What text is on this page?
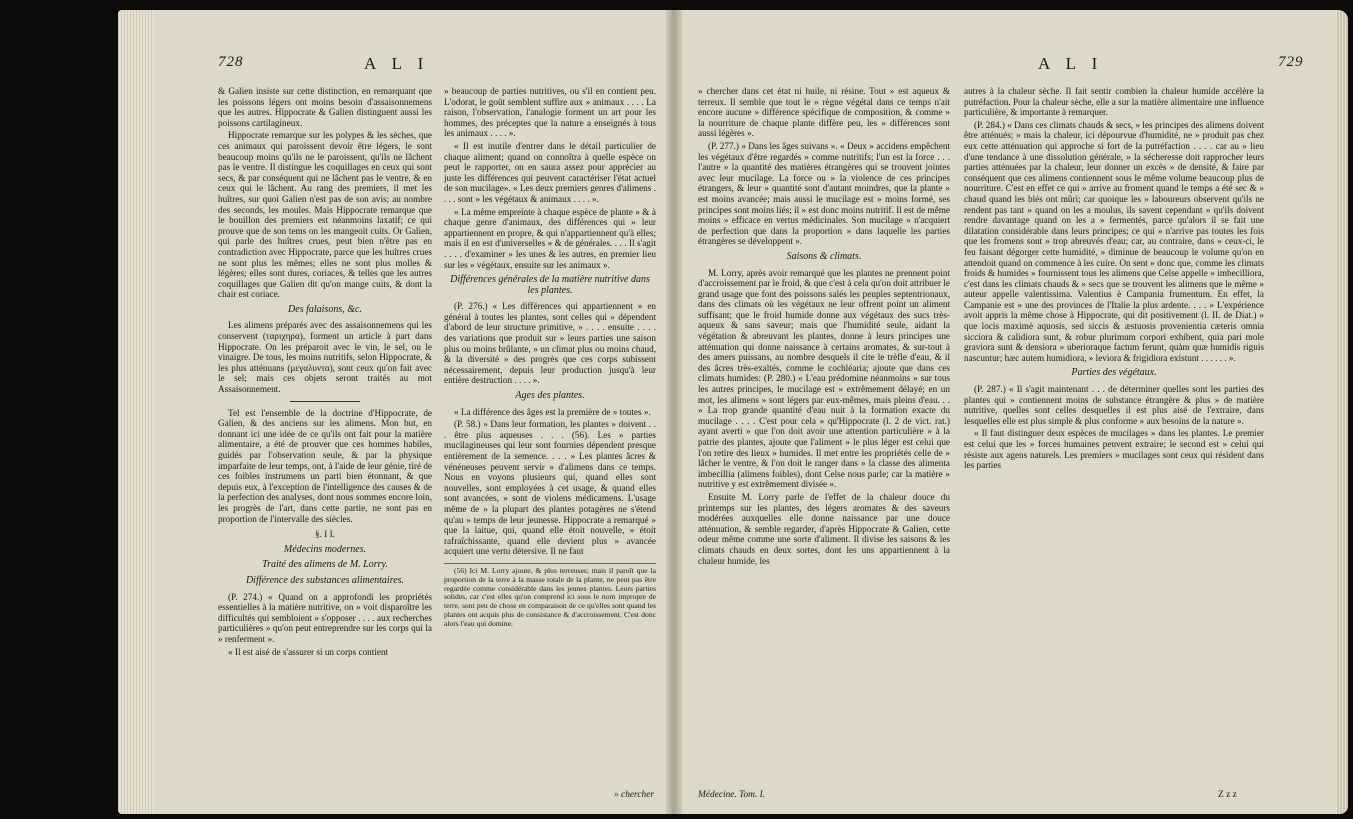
728	A L I

& Galien insiste sur cette distinction, en remarquant que les poissons légers ont moins besoin d'assaisonnemens que les autres. Hippocrate & Galien distinguent aussi les poissons cartilagineux.

Hippocrate remarque sur les polypes & les sèches, que ces animaux qui paroissent devoir être légers, le sont beaucoup moins qu'ils ne le paroissent, qu'ils ne lâchent pas le ventre. Il distingue les coquillages en ceux qui sont secs, & par conséquent qui ne lâchent pas le ventre, & en ceux qui le lâchent. Au rang des premiers, il met les huîtres, sur quoi Galien n'est pas de son avis; au nombre des seconds, les moules. Mais Hippocrate remarque que le bouillon des premiers est néanmoins laxatif; ce qui prouve que de son tems on les mangeoit cuits. Or Galien, qui parle des huîtres crues, peut bien n'être pas en contradiction avec Hippocrate, parce que les huîtres crues ne sont plus les mêmes; elles ne sont plus molles & légères; elles sont dures, coriaces, & telles que les autres coquillages que Galien dit qu'on mange cuits, & dont la chair est coriace.

Des falaisons, &c.

Les alimens préparés avec des assaisonnemens qui les conservent (ταριχηρα), forment un article à part dans Hippocrate. On les préparoit avec le vin, le sel, ou le vinaigre. De tous, les moins nutritifs, selon Hippocrate, & les plus atténuans (μεγαλυντα), sont ceux qu'on fait avec le sel; mais ces objets seront traités au mot Assaisonnement.

Tel est l'ensemble de la doctrine d'Hippocrate, de Galien, & des anciens sur les alimens. Mon but, en donnant ici une idée de ce qu'ils ont fait pour la matière alimentaire, a été de prouver que ces hommes habiles, guidés par l'observation seule, & par la physique imparfaite de leur temps, ont, à l'aide de leur génie, tiré de ces foibles instrumens un parti bien étonnant, & que depuis eux, à l'exception de l'intelligence des causes & de la perfection des analyses, dont nous sommes encore loin, les progrès de l'art, dans cette partie, ne sont pas en proportion de l'intervalle des siècles.

§. I I.

Médecins modernes.

Traité des alimens de M. Lorry.

Différence des substances alimentaires.

(P. 274.) « Quand on a approfondi les propriétés essentielles à la matière nutritive, on » voit disparoître les difficultés qui sembloient » s'opposer . . . . aux recherches particulières » qu'on peut entreprendre sur les corps qui la » renferment ».

« Il est aisé de s'assurer si un corps contient

» beaucoup de parties nutritives, ou s'il en contient peu. L'odorat, le goût semblent suffire aux » animaux . . . . La raison, l'observation, l'analogie forment un art pour les hommes, des préceptes que la nature a enseignés à tous les animaux . . . . ».

« Il est inutile d'entrer dans le détail particulier de chaque aliment; quand on connoîtra à quelle espèce on peut le rapporter, on en saura assez pour apprécier au juste les différences qui peuvent caractériser l'état actuel de son mucilage». « Les deux premiers genres d'alimens . . . . sont » les végétaux & animaux . . . . ».

« La même empreinte à chaque espèce de plante » & à chaque genre d'animaux, des différences qui » leur appartiennent en propre, & qui n'appartiennent qu'à elles; mais il en est d'universelles » & de générales. . . . Il s'agit . . . . d'examiner » les unes & les autres, en premier lieu sur les » végétaux, ensuite sur les animaux ».

Différences générales de la matière nutritive dans les plantes.

(P. 276.) « Les différences qui appartiennent » en général à toutes les plantes, sont celles qui » dépendent d'abord de leur structure primitive, » . . . . ensuite . . . . des variations que produit sur » leurs parties une saison plus ou moins brûlante, » un climat plus ou moins chaud, & la diversité » des progrès que ces corps subissent nécessairement, depuis leur production jusqu'à leur entière destruction . . . . ».

Ages des plantes.

« La différence des âges est la première de » toutes ».

(P. 58.) » Dans leur formation, les plantes » doivent . . . être plus aqueuses . . . (56). Les » parties mucilagineuses qui leur sont fournies dépendent presque entièrement de la semence. . . . » Les plantes âcres & vénéneuses peuvent servir » d'alimens dans ce temps. Nous en voyons plusieurs qui, quand elles sont nouvelles, sont employées à cet usage, & quand elles sont avancées, » sont de violens médicamens. L'usage même de » la plupart des plantes potagères ne s'étend qu'au » temps de leur jeunesse. Hippocrate a remarqué » que la laitue, qui, quand elle étoit nouvelle, » étoit rafraîchissante, quand elle devient plus » avancée acquiert une vertu détersive. Il ne faut

(56) Ici M. Lorry ajoute, & plus terreuses; mais il paroît que la proportion de la terre à la masse totale de la plante, ne peut pas être regardée comme considérable dans les jeunes plantes. Leurs parties solides, car c'est elles qu'on comprend ici sous le nom impropre de terre, sont peu de chose en comparaison de ce qu'elles sont quand les plantes ont acquis plus de consistance & d'accroissement. C'est donc alors l'eau qui domine.

» chercher
A L I	729

» chercher dans cet état ni huile, ni résine. Tout » est aqueux & terreux. Il semble que tout le » règne végétal dans ce temps n'ait encore aucune » différence spécifique de composition, & comme » la nourriture de chaque plante diffère peu, les » différences sont aussi légères ».

(P. 277.) » Dans les âges suivans ». « Deux » accidens empêchent les végétaux d'être regardés » comme nutritifs; l'un est la force . . . l'autre » la quantité des matières étrangères qui se trouvent jointes avec leur mucilage. La force ou » la violence de ces principes étrangers, & leur » quantité sont d'autant moindres, que la plante » est moins avancée; mais aussi le mucilage est » moins formé, ses principes sont moins liés; il » est donc moins nutritif. Il est de même moins » efficace en vertus médicinales. Son mucilage » n'acquiert de perfection que dans la proportion » dans laquelle les parties étrangères se développent ».

Saisons & climats.

M. Lorry, après avoir remarqué que les plantes ne prennent point d'accroissement par le froid, & que c'est à cela qu'on doit attribuer le grand usage que font des poissons salés les peuples septentrionaux, dans des climats où les végétaux ne leur offrent point un aliment suffisant; que le froid humide donne aux végétaux des sucs très-aqueux & sans saveur; mais que l'humidité seule, aidant la végétation & abreuvant les plantes, donne à leurs principes une atténuation qui donne naissance à certains aromates, & sur-tout à des amers puissans, au nombre desquels il cite le trèfle d'eau, & il des âcres très-exaltés, comme le cochléaria; ajoute que dans ces climats humides: (P. 280.) « L'eau prédomine néanmoins » sur tous les autres principes, le mucilage est » extrêmement délayé; en un mot, les alimens » sont légers par eux-mêmes, mais pleins d'eau. . . » La trop grande quantité d'eau nuit à la formation exacte du mucilage . . . . C'est pour cela » qu'Hippocrate (l. 2 de vict. rat.) ayant averti » que l'on doit avoir une attention particulière » à la patrie des plantes, ajoute que l'aliment » le plus léger est celui que l'on retire des lieux » humides. Il met entre les propriétés celle de » lâcher le ventre, & l'on doit le ranger dans » la classe des alimenta imbecillia (alimens foibles), dont Celse nous parle; car la matière » nutritive y est extrêmement divisée ».

Ensuite M. Lorry parle de l'effet de la chaleur douce du printemps sur les plantes, des légers aromates & des saveurs modérées auxquelles elle donne naissance par une douce atténuation, & semble regarder, d'après Hippocrate & Galien, cette odeur même comme une sorte d'aliment. Il divise les saisons & les climats chauds en deux sortes, dont les uns appartiennent à la chaleur humide, les

Médecine. Tom. I.

autres à la chaleur sèche. Il fait sentir combien la chaleur humide accélère la putréfaction. Pour la chaleur sèche, elle a sur la matière alimentaire une influence particulière, & importante à remarquer.

(P. 284.) « Dans ces climats chauds & secs, » les principes des alimens doivent être atténués; » mais la chaleur, ici dépourvue d'humidité, ne » produit pas chez eux cette atténuation qui approche si fort de la putréfaction . . . . car au » lieu d'une tendance à une dissolution générale, » la sécheresse doit rapprocher leurs parties atténuées par la chaleur, leur donner un excès » de densité, & faire par conséquent que ces alimens contiennent sous le même volume beaucoup plus de nourriture. C'est en effet ce qui » arrive au froment quand le temps a été sec & » chaud quand les blés ont mûri; car quoique les » laboureurs observent qu'ils ne rendent pas tant » quand on les a moulus, ils savent cependant » qu'ils doivent rendre davantage quand on les a » fermentés, parce qu'alors il se fait une dilatation considérable dans leurs principes; ce qui » n'arrive pas toutes les fois que les fromens sont » trop abreuvés d'eau; car, au contraire, dans » ceux-ci, le feu faisant dégorger cette humidité, » diminue de beaucoup le volume qu'on en attendoit quand on commence à les cuire. On sent » donc que, comme les climats froids & humides » fournissent tous les alimens que Celse appelle » imbecilliora, c'est dans les climats chauds & » secs que se trouvent les alimens que le même » auteur appelle valentissima. Valentius è Campania frumentum. En effet, la Campanie est » une des provinces de l'Italie la plus ardente. . . . » L'expérience avoit appris la même chose à Hippocrate, qui dit positivement (l. II. de Diat.) » que locis maximè aquosis, sed siccis & æstuosis provenientia cæteris omnia sicciora & calidiora sunt, & robur plurimum corpori exhibent, quia pari mole graviora sunt & densiora » uberioraque factum ferunt, quàm quæ humidis riguis nascuntur; hæc autem humidiora, » leviora & frigidiora existunt . . . . . . ».

Parties des végétaux.

(P. 287.) « Il s'agit maintenant . . . de déterminer quelles sont les parties des plantes qui » contiennent moins de substance étrangère & plus » de matière nutritive, quelles sont celles desquelles il est plus aisé de l'extraire, dans lesquelles elle est plus simple & plus conforme » aux besoins de la nature ».

« Il faut distinguer deux espèces de mucilages » dans les plantes. Le premier est celui que les » forces humaines peuvent extraire; le second est » celui qui résiste aux agens naturels. Les premiers » mucilages sont ceux qui résident dans les parties

Z z z
